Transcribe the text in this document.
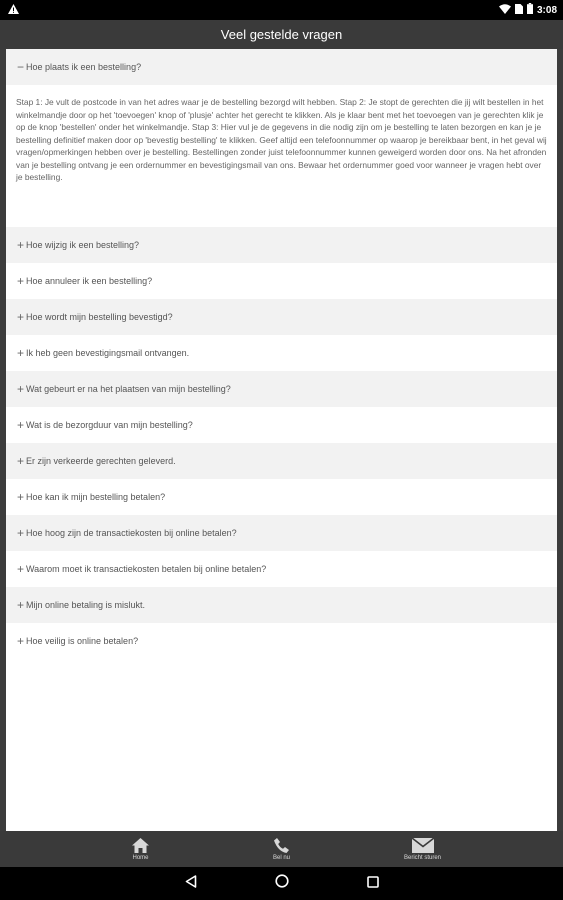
3:08
Veel gestelde vragen
− Hoe plaats ik een bestelling?
Stap 1: Je vult de postcode in van het adres waar je de bestelling bezorgd wilt hebben. Stap 2: Je stopt de gerechten die jij wilt bestellen in het winkelmandje door op het 'toevoegen' knop of 'plusje' achter het gerecht te klikken. Als je klaar bent met het toevoegen van je gerechten klik je op de knop 'bestellen' onder het winkelmandje. Stap 3: Hier vul je de gegevens in die nodig zijn om je bestelling te laten bezorgen en kan je je bestelling definitief maken door op 'bevestig bestelling' te klikken. Geef altijd een telefoonnummer op waarop je bereikbaar bent, in het geval wij vragen/opmerkingen hebben over je bestelling. Bestellingen zonder juist telefoonnummer kunnen geweigerd worden door ons. Na het afronden van je bestelling ontvang je een ordernummer en bevestigingsmail van ons. Bewaar het ordernummer goed voor wanneer je vragen hebt over je bestelling.
+ Hoe wijzig ik een bestelling?
+ Hoe annuleer ik een bestelling?
+ Hoe wordt mijn bestelling bevestigd?
+ Ik heb geen bevestigingsmail ontvangen.
+ Wat gebeurt er na het plaatsen van mijn bestelling?
+ Wat is de bezorgduur van mijn bestelling?
+ Er zijn verkeerde gerechten geleverd.
+ Hoe kan ik mijn bestelling betalen?
+ Hoe hoog zijn de transactiekosten bij online betalen?
+ Waarom moet ik transactiekosten betalen bij online betalen?
+ Mijn online betaling is mislukt.
+ Hoe veilig is online betalen?
Home	Bel nu	Bericht sturen
